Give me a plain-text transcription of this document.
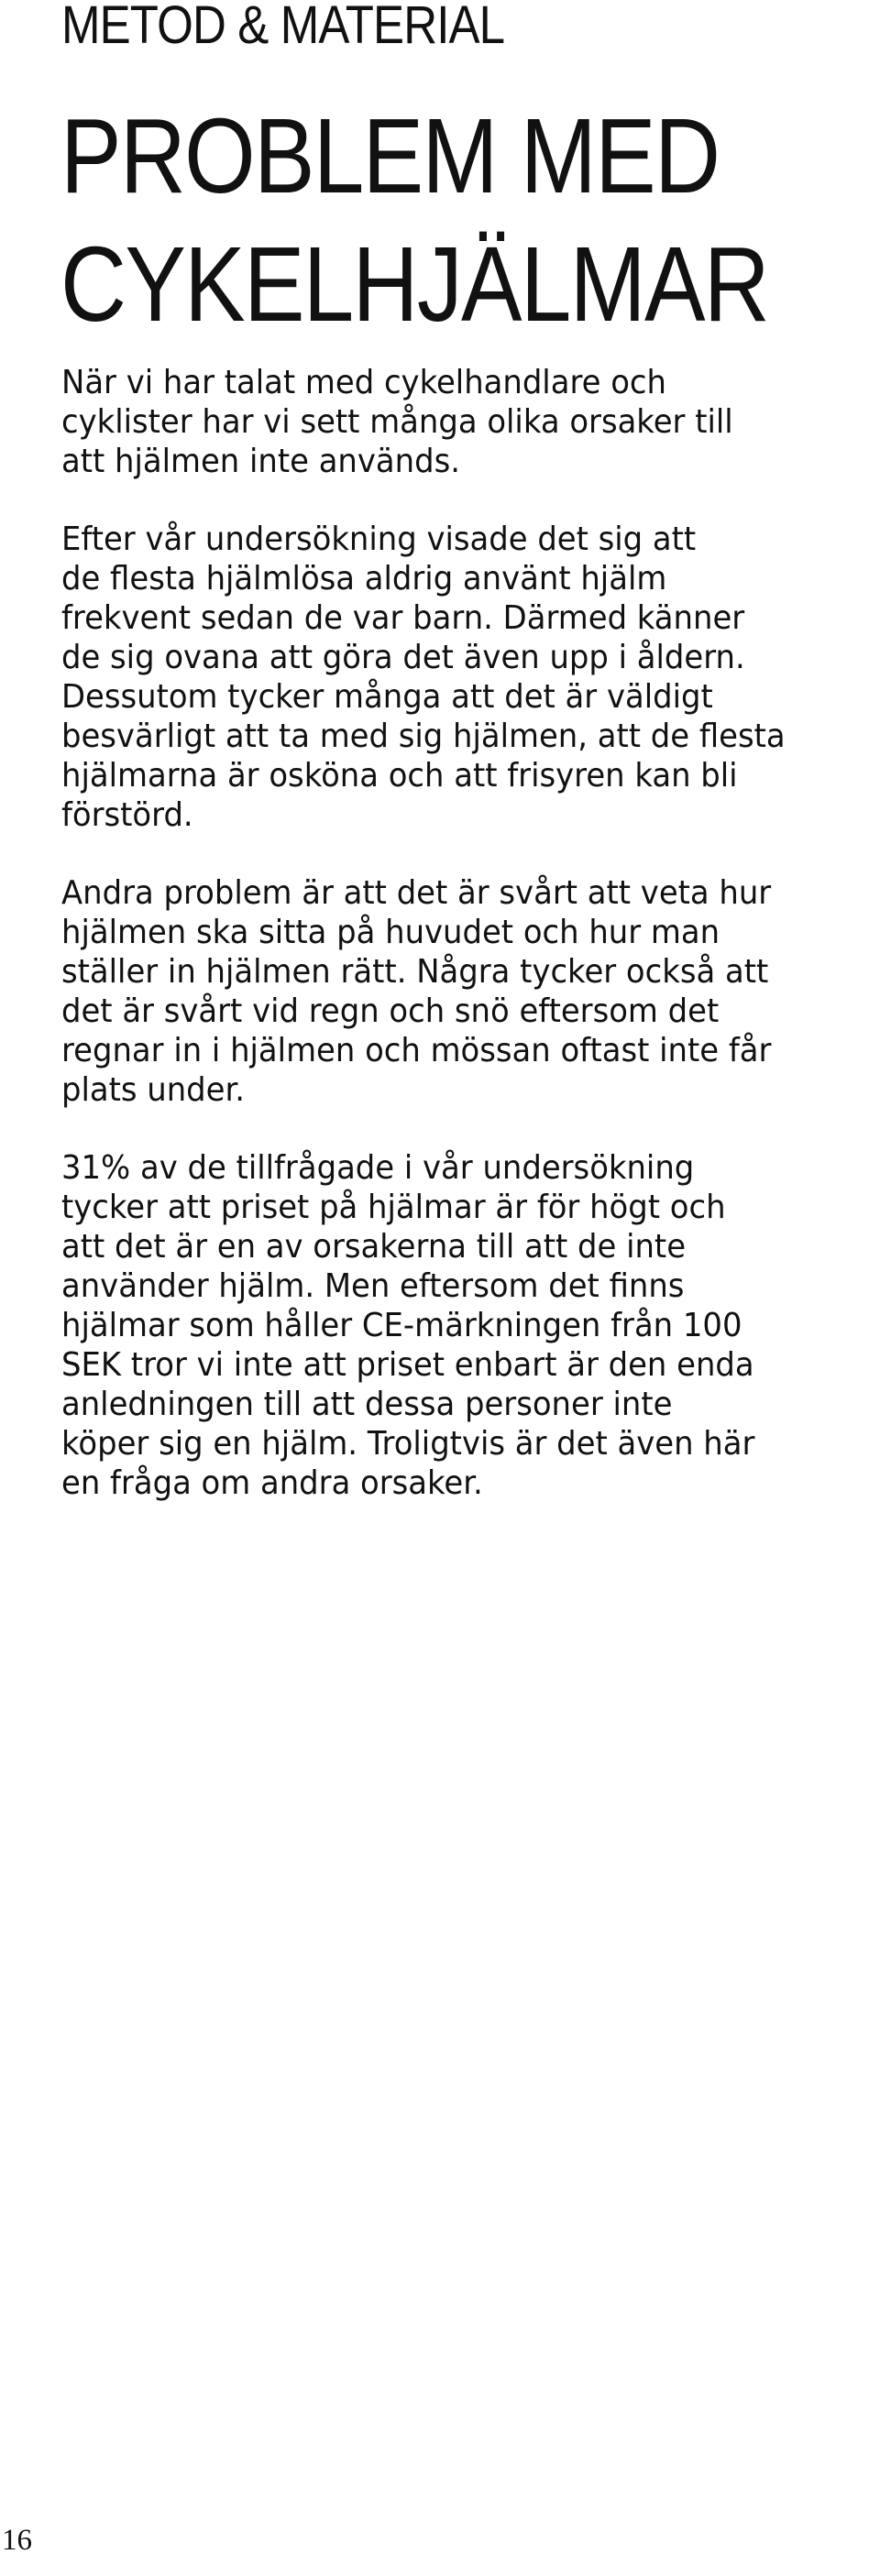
METOD & MATERIAL
PROBLEM MED
CYKELHJÄLMAR

När vi har talat med cykelhandlare och
cyklister har vi sett många olika orsaker till
att hjälmen inte används.

Efter vår undersökning visade det sig att
de flesta hjälmlösa aldrig använt hjälm
frekvent sedan de var barn. Därmed känner
de sig ovana att göra det även upp i åldern.

Dessutom tycker många att det är väldigt
besvärligt att ta med sig hjälmen, att de flesta
hjälmarna är osköna och att frisyren kan bli
förstörd.

Andra problem är att det är svårt att veta hur
hjälmen ska sitta på huvudet och hur man
ställer in hjälmen rätt. Några tycker också att
det är svårt vid regn och snö eftersom det
regnar in i hjälmen och mössan oftast inte får
plats under.

31% av de tillfrågade i vår undersökning
tycker att priset på hjälmar är för högt och
att det är en av orsakerna till att de inte
använder hjälm. Men eftersom det finns
hjälmar som håller CE-märkningen från 100
SEK tror vi inte att priset enbart är den enda
anledningen till att dessa personer inte
köper sig en hjälm. Troligtvis är det även här
en fråga om andra orsaker.

16
